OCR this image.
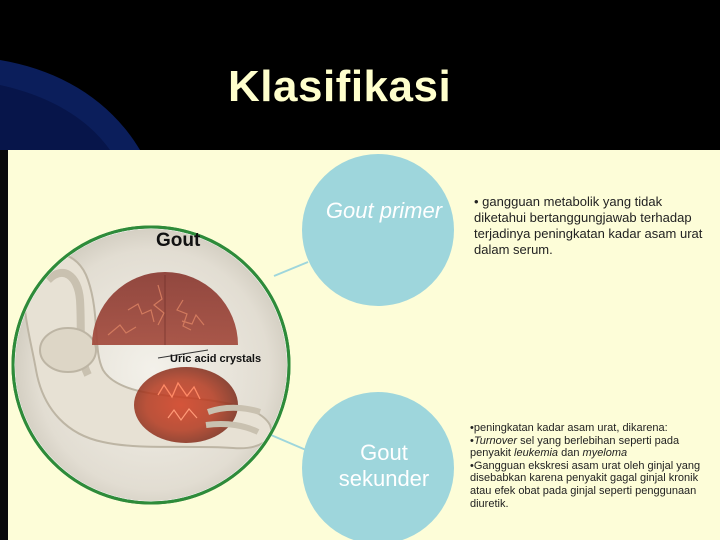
Klasifikasi
Gout
Uric acid crystals
Gout primer
Gout
sekunder
• gangguan metabolik yang tidak diketahui bertanggungjawab terhadap terjadinya peningkatan kadar asam urat dalam serum.

•peningkatan kadar asam urat, dikarena:

•Turnover sel yang berlebihan seperti pada penyakit leukemia dan myeloma

•Gangguan ekskresi asam urat oleh ginjal yang disebabkan karena penyakit gagal ginjal kronik atau efek obat pada ginjal seperti penggunaan diuretik.
